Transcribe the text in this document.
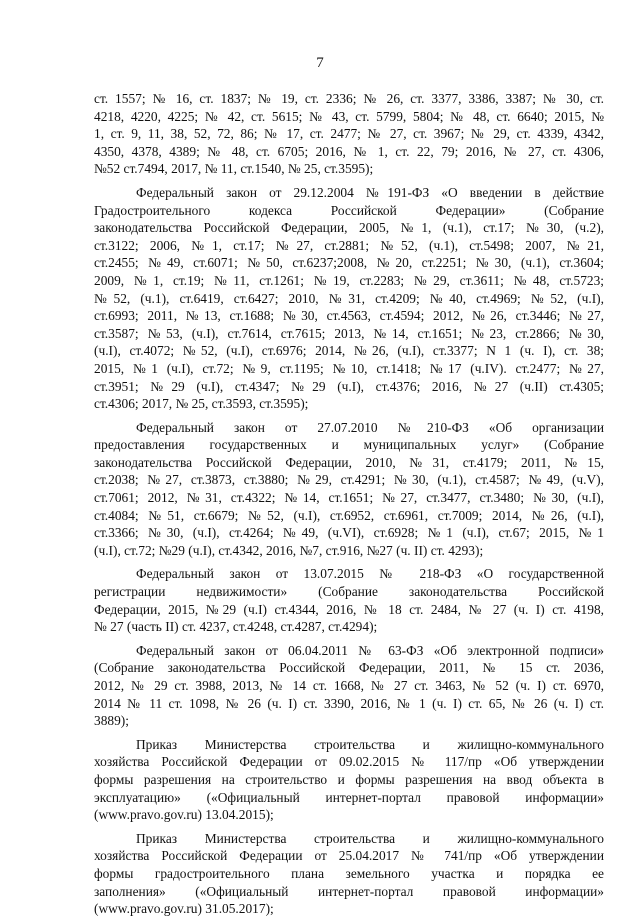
7
ст. 1557; № 16, ст. 1837; № 19, ст. 2336; № 26, ст. 3377, 3386, 3387; № 30, ст.
4218, 4220, 4225; № 42, ст. 5615; № 43, ст. 5799, 5804; № 48, ст. 6640; 2015, №
1, ст. 9, 11, 38, 52, 72, 86; № 17, ст. 2477; № 27, ст. 3967; № 29, ст. 4339, 4342,
4350, 4378, 4389; № 48, ст. 6705; 2016, № 1, ст. 22, 79; 2016, № 27, ст. 4306,
№52 ст.7494, 2017, № 11, ст.1540, № 25, ст.3595);
Федеральный закон от 29.12.2004 №191-ФЗ «О введении в действие
Градостроительного кодекса Российской Федерации» (Собрание
законодательства Российской Федерации, 2005, №1, (ч.1), ст.17; №30, (ч.2),
ст.3122; 2006, №1, ст.17; №27, ст.2881; №52, (ч.1), ст.5498; 2007, №21,
ст.2455; №49, ст.6071; №50, ст.6237;2008, №20, ст.2251; №30, (ч.1), ст.3604;
2009, №1, ст.19; №11, ст.1261; №19, ст.2283; №29, ст.3611; №48, ст.5723;
№52, (ч.1), ст.6419, ст.6427; 2010, №31, ст.4209; №40, ст.4969; №52, (ч.I),
ст.6993; 2011, №13, ст.1688; №30, ст.4563, ст.4594; 2012, №26, ст.3446; №27,
ст.3587; №53, (ч.I), ст.7614, ст.7615; 2013, №14, ст.1651; №23, ст.2866; №30,
(ч.I), ст.4072; №52, (ч.I), ст.6976; 2014, №26, (ч.I), ст.3377; N 1 (ч. I), ст. 38;
2015, №1 (ч.I), ст.72; №9, ст.1195; №10, ст.1418; №17 (ч.IV). ст.2477; №27,
ст.3951; №29 (ч.I), ст.4347; №29 (ч.I), ст.4376; 2016, №27 (ч.II) ст.4305;
ст.4306; 2017, № 25, ст.3593, ст.3595);
Федеральный закон от 27.07.2010 №210-ФЗ «Об организации
предоставления государственных и муниципальных услуг» (Собрание
законодательства Российской Федерации, 2010, №31, ст.4179; 2011, №15,
ст.2038; №27, ст.3873, ст.3880; №29, ст.4291; №30, (ч.1), ст.4587; №49, (ч.V),
ст.7061; 2012, №31, ст.4322; №14, ст.1651; №27, ст.3477, ст.3480; №30, (ч.I),
ст.4084; №51, ст.6679; №52, (ч.I), ст.6952, ст.6961, ст.7009; 2014, №26, (ч.I),
ст.3366; №30, (ч.I), ст.4264; №49, (ч.VI), ст.6928; №1 (ч.I), ст.67; 2015, №1
(ч.I), ст.72; №29 (ч.I), ст.4342, 2016, №7, ст.916, №27 (ч. II) ст. 4293);
Федеральный закон от 13.07.2015 № 218-ФЗ «О государственной
регистрации недвижимости» (Собрание законодательства Российской
Федерации, 2015, №29 (ч.I) ст.4344, 2016, № 18 ст. 2484, № 27 (ч. I) ст. 4198,
№ 27 (часть II) ст. 4237, ст.4248, ст.4287, ст.4294);
Федеральный закон от 06.04.2011 № 63-ФЗ «Об электронной подписи»
(Собрание законодательства Российской Федерации, 2011, № 15 ст. 2036,
2012, № 29 ст. 3988, 2013, № 14 ст. 1668, № 27 ст. 3463, № 52 (ч. I) ст. 6970,
2014 № 11 ст. 1098, № 26 (ч. I) ст. 3390, 2016, № 1 (ч. I) ст. 65, № 26 (ч. I) ст.
3889);
Приказ Министерства строительства и жилищно-коммунального
хозяйства Российской Федерации от 09.02.2015 № 117/пр «Об утверждении
формы разрешения на строительство и формы разрешения на ввод объекта в
эксплуатацию» («Официальный интернет-портал правовой информации»
(www.pravo.gov.ru) 13.04.2015);
Приказ Министерства строительства и жилищно-коммунального
хозяйства Российской Федерации от 25.04.2017 № 741/пр «Об утверждении
формы градостроительного плана земельного участка и порядка ее
заполнения» («Официальный интернет-портал правовой информации»
(www.pravo.gov.ru) 31.05.2017);
